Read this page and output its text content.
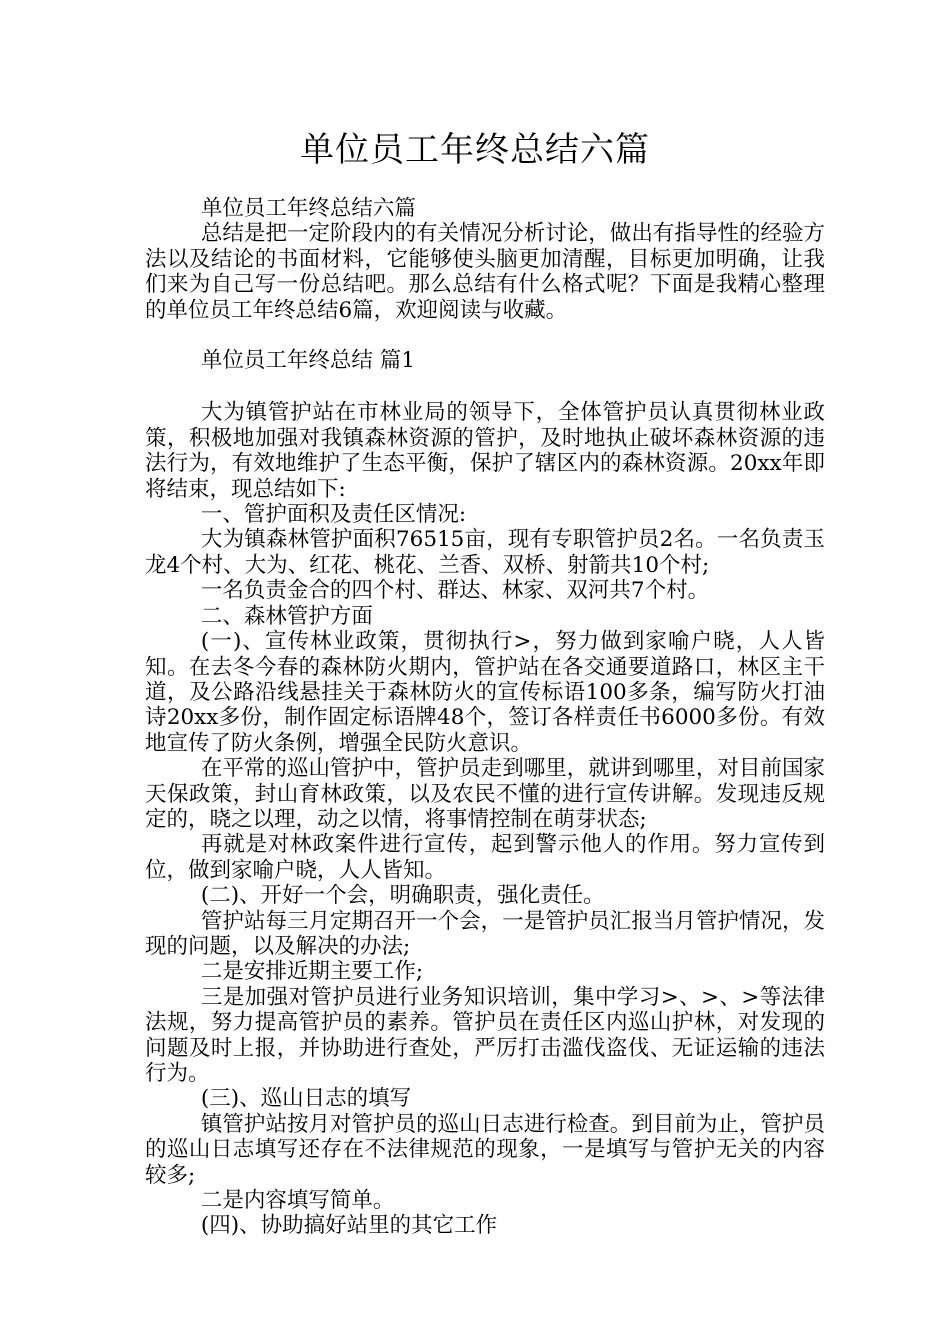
单位员工年终总结六篇

单位员工年终总结六篇

总结是把一定阶段内的有关情况分析讨论，做出有指导性的经验方法以及结论的书面材料，它能够使头脑更加清醒，目标更加明确，让我们来为自己写一份总结吧。那么总结有什么格式呢？下面是我精心整理的单位员工年终总结6篇，欢迎阅读与收藏。

单位员工年终总结 篇1

大为镇管护站在市林业局的领导下，全体管护员认真贯彻林业政策，积极地加强对我镇森林资源的管护，及时地执止破坏森林资源的违法行为，有效地维护了生态平衡，保护了辖区内的森林资源。20xx年即将结束，现总结如下:

一、管护面积及责任区情况:

大为镇森林管护面积76515亩，现有专职管护员2名。一名负责玉龙4个村、大为、红花、桃花、兰香、双桥、射箭共10个村;

一名负责金合的四个村、群达、林家、双河共7个村。

二、森林管护方面

(一)、宣传林业政策，贯彻执行>，努力做到家喻户晓，人人皆知。在去冬今春的森林防火期内，管护站在各交通要道路口，林区主干道，及公路沿线悬挂关于森林防火的宣传标语100多条，编写防火打油诗20xx多份，制作固定标语牌48个，签订各样责任书6000多份。有效地宣传了防火条例，增强全民防火意识。

在平常的巡山管护中，管护员走到哪里，就讲到哪里，对目前国家天保政策，封山育林政策，以及农民不懂的进行宣传讲解。发现违反规定的，晓之以理，动之以情，将事情控制在萌芽状态;

再就是对林政案件进行宣传，起到警示他人的作用。努力宣传到位，做到家喻户晓，人人皆知。

(二)、开好一个会，明确职责，强化责任。

管护站每三月定期召开一个会，一是管护员汇报当月管护情况，发现的问题，以及解决的办法;

二是安排近期主要工作;

三是加强对管护员进行业务知识培训，集中学习>、>、>等法律法规，努力提高管护员的素养。管护员在责任区内巡山护林，对发现的问题及时上报，并协助进行查处，严厉打击滥伐盗伐、无证运输的违法行为。

(三)、巡山日志的填写

镇管护站按月对管护员的巡山日志进行检查。到目前为止，管护员的巡山日志填写还存在不法律规范的现象，一是填写与管护无关的内容较多;

二是内容填写简单。

(四)、协助搞好站里的其它工作
